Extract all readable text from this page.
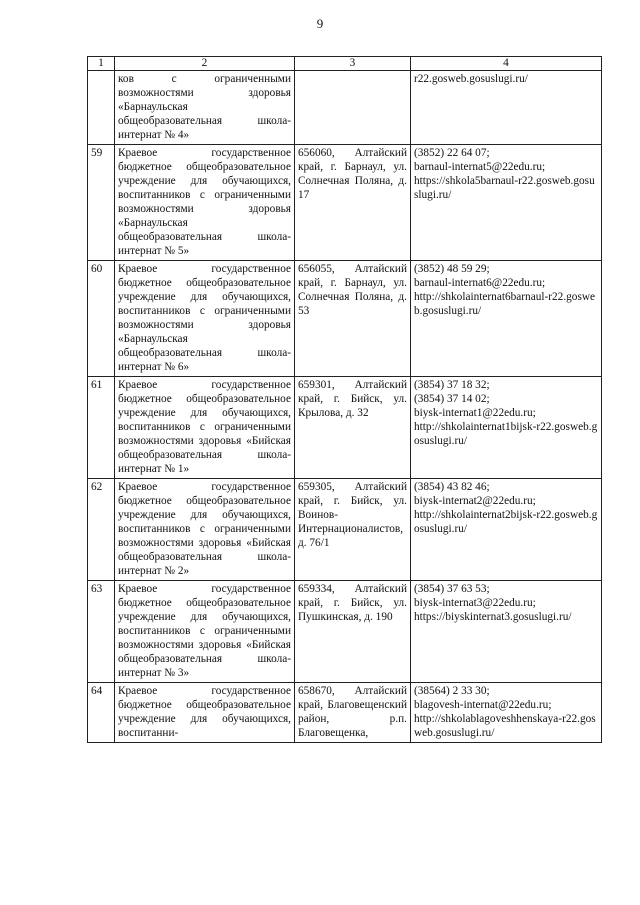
9
1	2	3	4
	ков с ограниченными возможностями здоровья «Барнаульская общеобразовательная школа-интернат № 4»		r22.gosweb.gosuslugi.ru/

59	Краевое государственное бюджетное общеобразовательное учреждение для обучающихся, воспитанников с ограниченными возможностями здоровья «Барнаульская общеобразовательная школа-интернат № 5»	656060, Алтайский край, г. Барнаул, ул. Солнечная Поляна, д. 17	(3852) 22 64 07;
barnaul-internat5@22edu.ru;
https://shkola5barnaul-r22.gosweb.gosuslugi.ru/

60	Краевое государственное бюджетное общеобразовательное учреждение для обучающихся, воспитанников с ограниченными возможностями здоровья «Барнаульская общеобразовательная школа-интернат № 6»	656055, Алтайский край, г. Барнаул, ул. Солнечная Поляна, д. 53	(3852) 48 59 29;
barnaul-internat6@22edu.ru;
http://shkolainternat6barnaul-r22.gosweb.gosuslugi.ru/

61	Краевое государственное бюджетное общеобразовательное учреждение для обучающихся, воспитанников с ограниченными возможностями здоровья «Бийская общеобразовательная школа-интернат № 1»	659301, Алтайский край, г. Бийск, ул. Крылова, д. 32	(3854) 37 18 32;
(3854) 37 14 02;
biysk-internat1@22edu.ru;
http://shkolainternat1bijsk-r22.gosweb.gosuslugi.ru/

62	Краевое государственное бюджетное общеобразовательное учреждение для обучающихся, воспитанников с ограниченными возможностями здоровья «Бийская общеобразовательная школа-интернат № 2»	659305, Алтайский край, г. Бийск, ул. Воинов-Интернационалистов, д. 76/1	(3854) 43 82 46;
biysk-internat2@22edu.ru;
http://shkolainternat2bijsk-r22.gosweb.gosuslugi.ru/

63	Краевое государственное бюджетное общеобразовательное учреждение для обучающихся, воспитанников с ограниченными возможностями здоровья «Бийская общеобразовательная школа-интернат № 3»	659334, Алтайский край, г. Бийск, ул. Пушкинская, д. 190	(3854) 37 63 53;
biysk-internat3@22edu.ru;
https://biyskinternat3.gosuslugi.ru/

64	Краевое государственное бюджетное общеобразовательное учреждение для обучающихся, воспитанни-	658670, Алтайский край, Благовещенский район, р.п. Благовещенка,	(38564) 2 33 30;
blagovesh-internat@22edu.ru;
http://shkolablagoveshhenskaya-r22.gosweb.gosuslugi.ru/
